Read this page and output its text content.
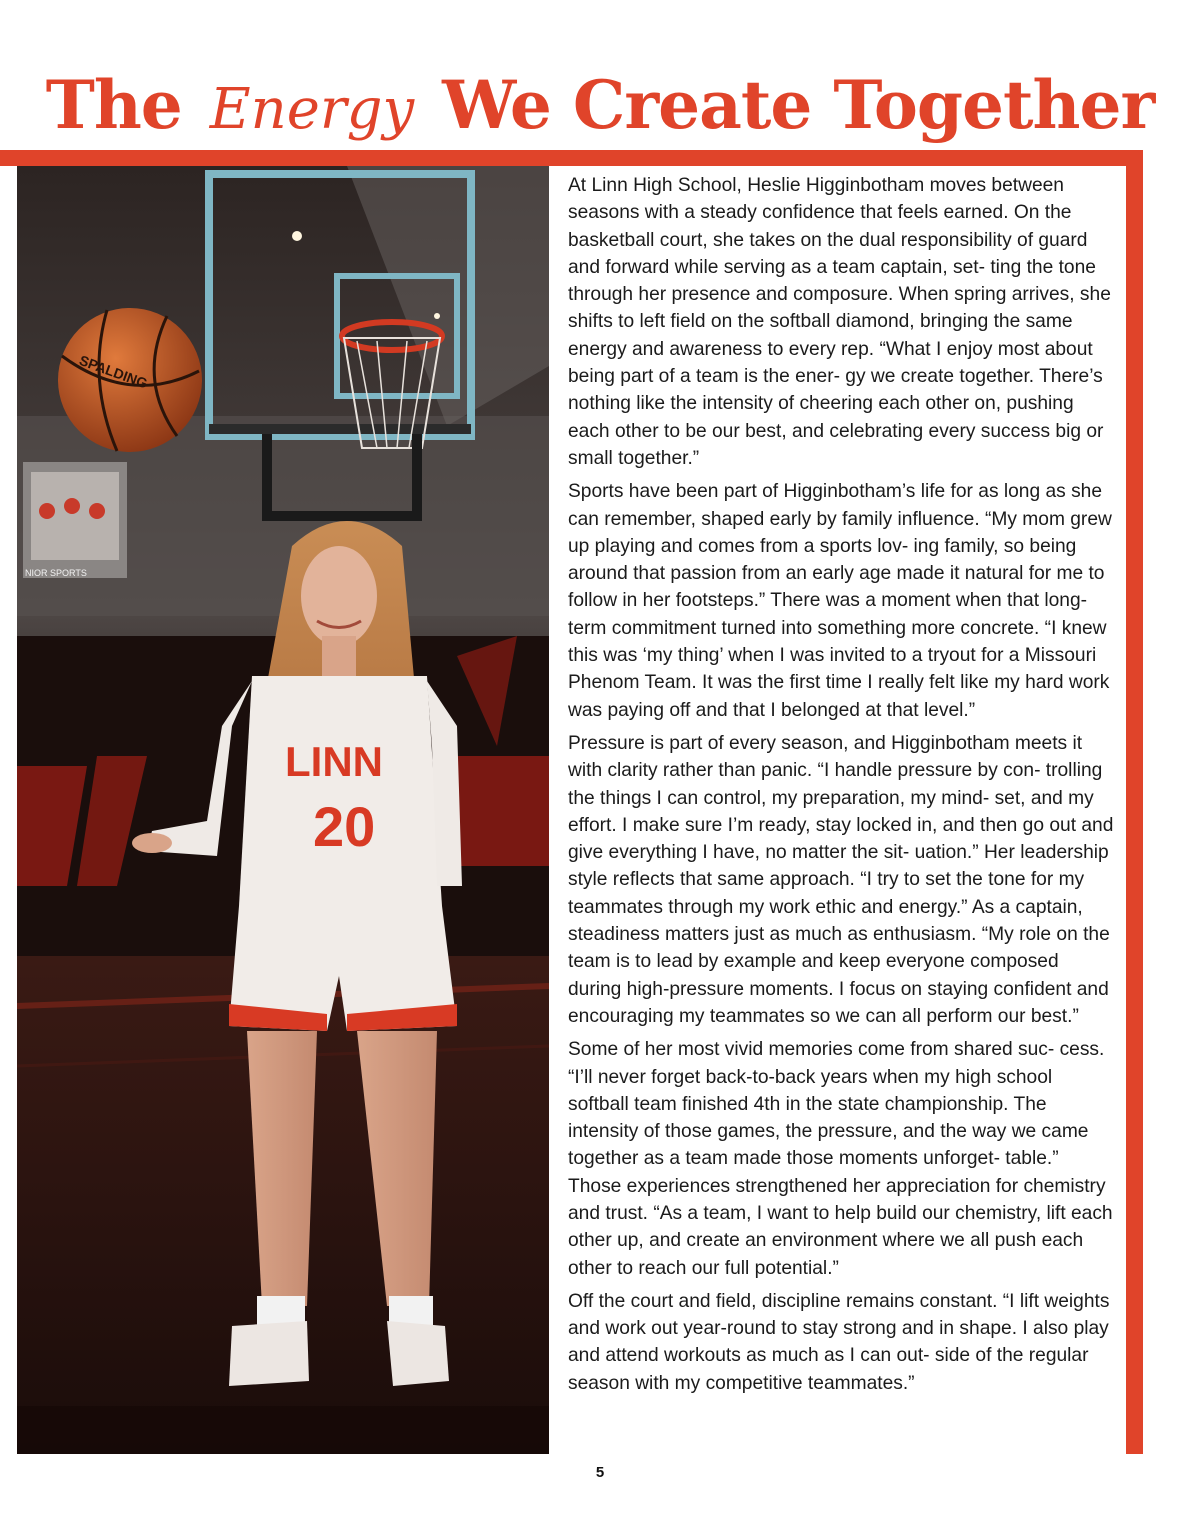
The Energy We Create Together
SPALDING
NIOR SPORTS
LINN
20

At Linn High School, Heslie Higginbotham moves between seasons with a steady confidence that feels earned. On the basketball court, she takes on the dual responsibility of guard and forward while serving as a team captain, set- ting the tone through her presence and composure. When spring arrives, she shifts to left field on the softball diamond, bringing the same energy and awareness to every rep. “What I enjoy most about being part of a team is the ener- gy we create together. There’s nothing like the intensity of cheering each other on, pushing each other to be our best, and celebrating every success big or small together.”

Sports have been part of Higginbotham’s life for as long as she can remember, shaped early by family influence. “My mom grew up playing and comes from a sports lov- ing family, so being around that passion from an early age made it natural for me to follow in her footsteps.” There was a moment when that long-term commitment turned into something more concrete. “I knew this was ‘my thing’ when I was invited to a tryout for a Missouri Phenom Team. It was the first time I really felt like my hard work was paying off and that I belonged at that level.”

Pressure is part of every season, and Higginbotham meets it with clarity rather than panic. “I handle pressure by con- trolling the things I can control, my preparation, my mind- set, and my effort. I make sure I’m ready, stay locked in, and then go out and give everything I have, no matter the sit- uation.” Her leadership style reflects that same approach. “I try to set the tone for my teammates through my work ethic and energy.” As a captain, steadiness matters just as much as enthusiasm. “My role on the team is to lead by example and keep everyone composed during high-pressure moments. I focus on staying confident and encouraging my teammates so we can all perform our best.”

Some of her most vivid memories come from shared suc- cess. “I’ll never forget back-to-back years when my high school softball team finished 4th in the state championship. The intensity of those games, the pressure, and the way we came together as a team made those moments unforget- table.” Those experiences strengthened her appreciation for chemistry and trust. “As a team, I want to help build our chemistry, lift each other up, and create an environment where we all push each other to reach our full potential.”

Off the court and field, discipline remains constant. “I lift weights and work out year-round to stay strong and in shape. I also play and attend workouts as much as I can out- side of the regular season with my competitive teammates.”

5
